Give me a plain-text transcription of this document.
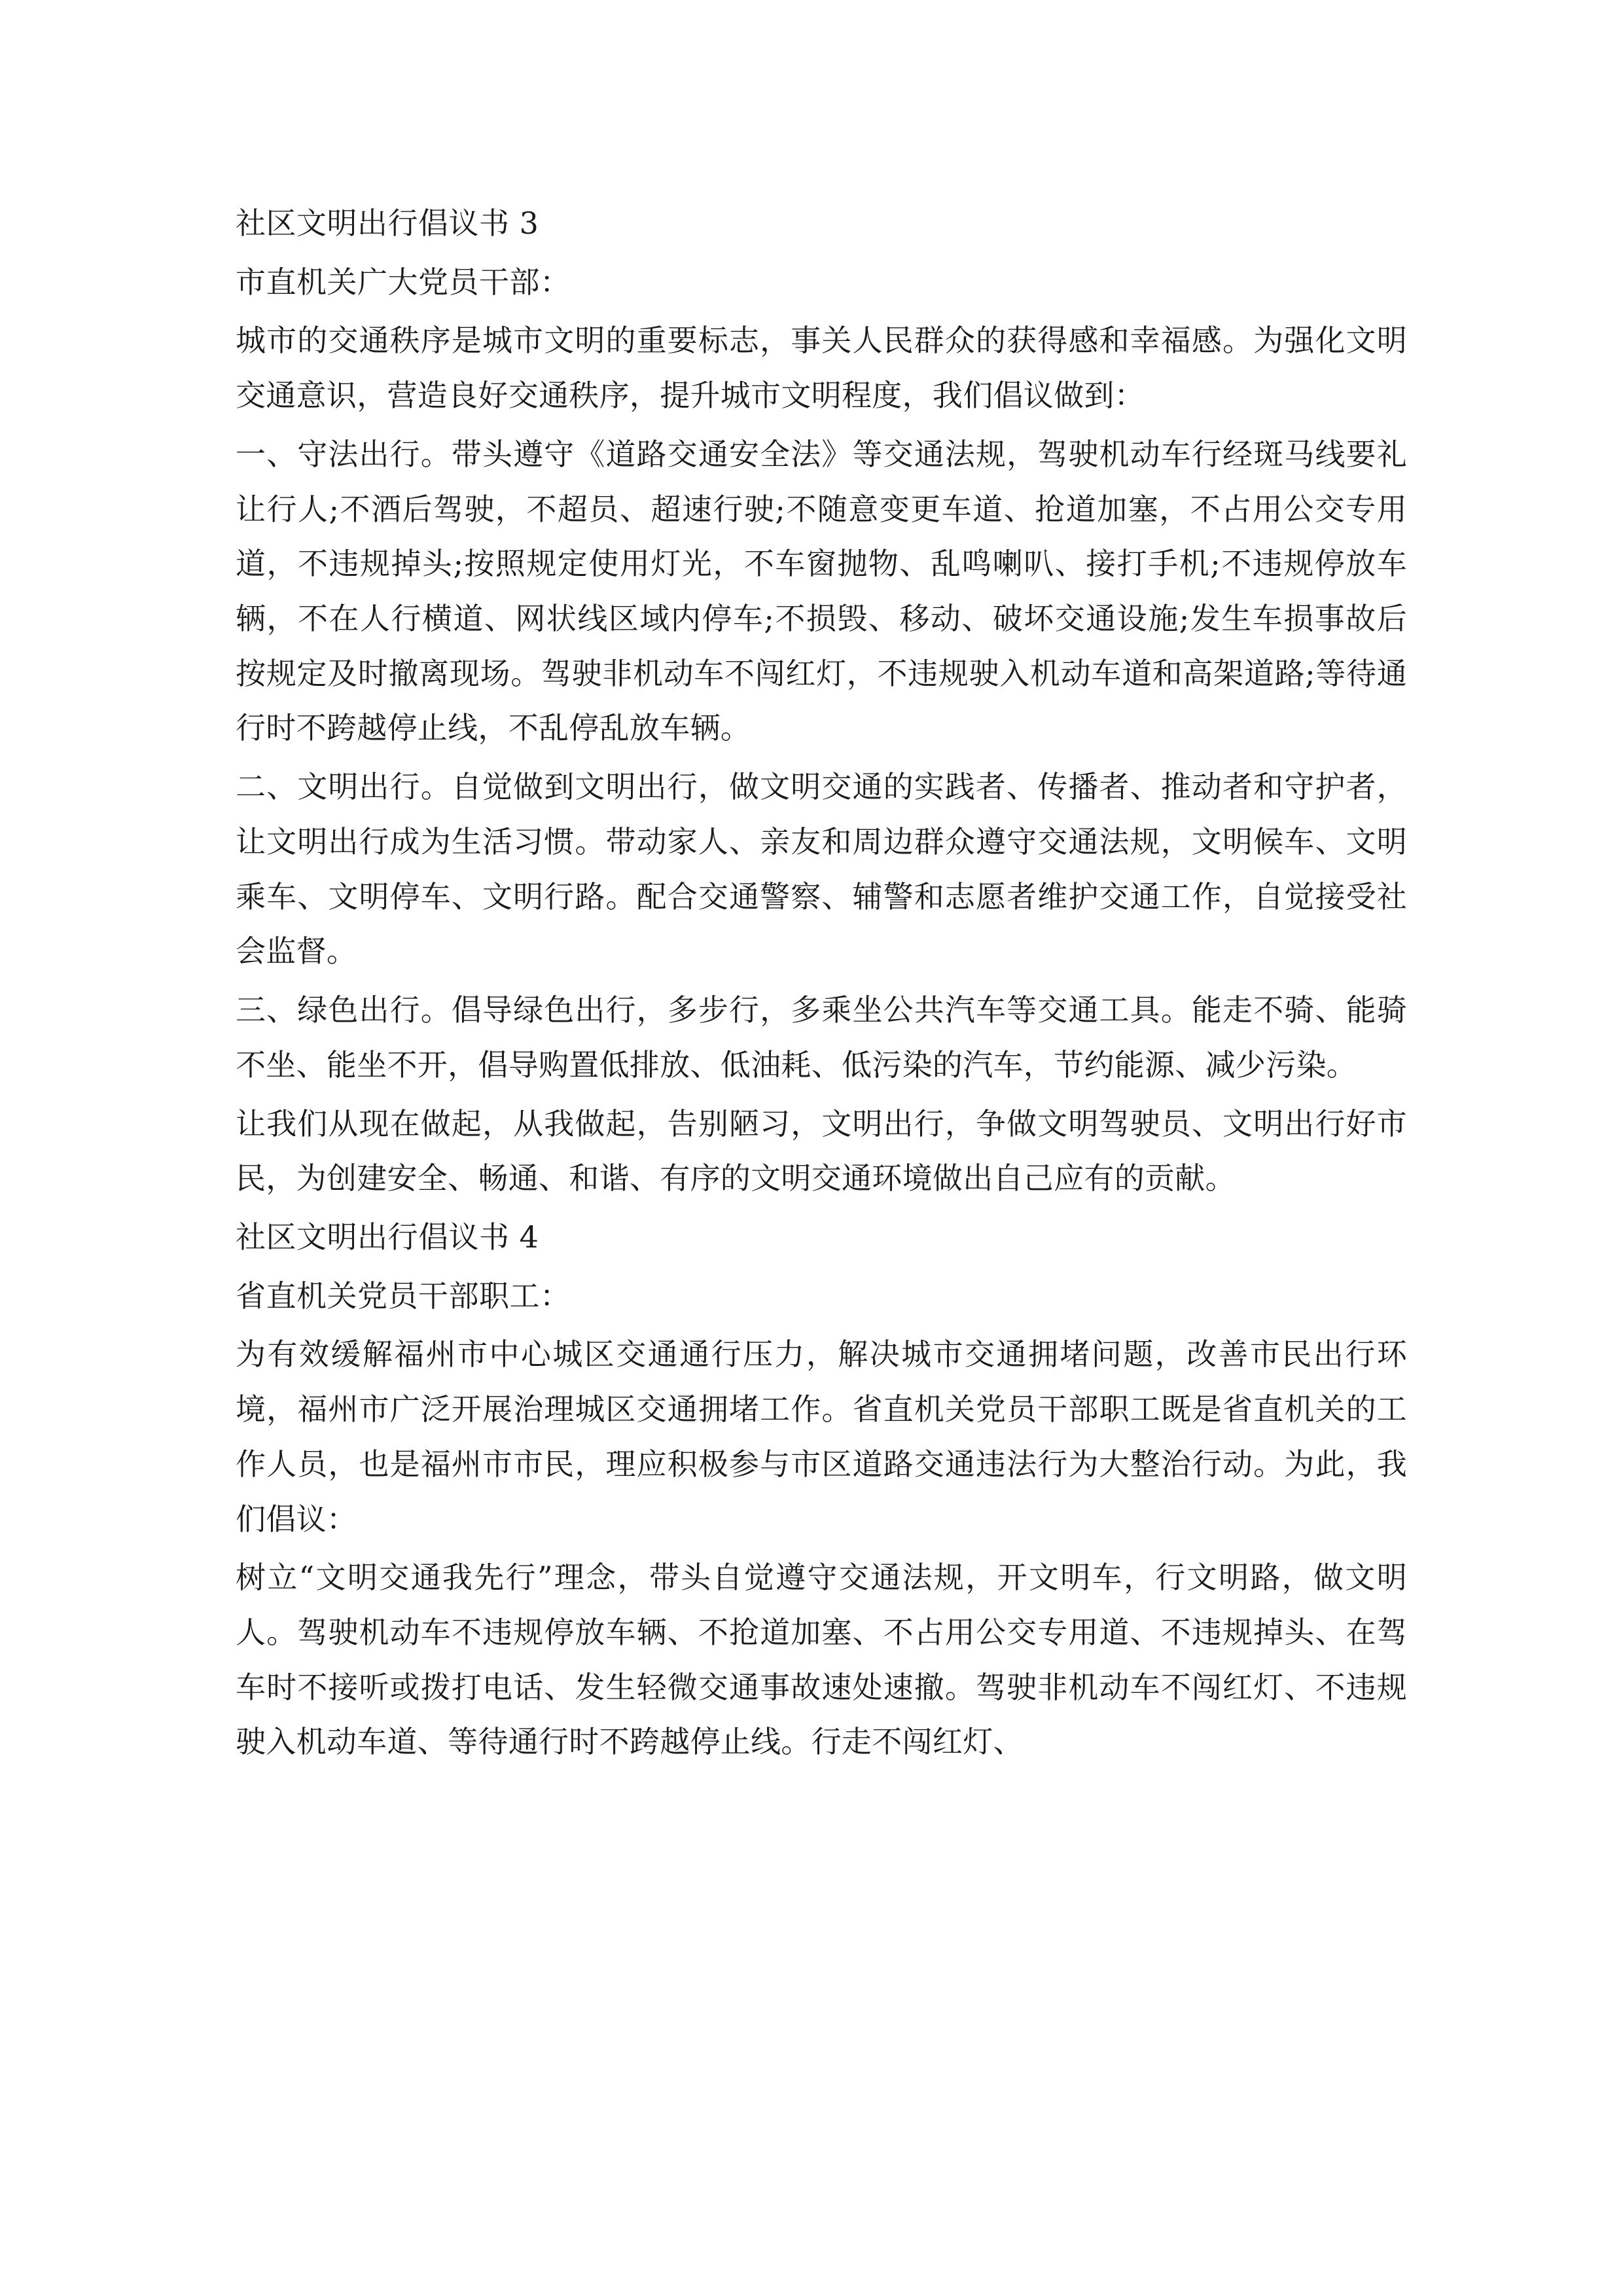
社区文明出行倡议书 3

市直机关广大党员干部：

城市的交通秩序是城市文明的重要标志，事关人民群众的获得感和幸福感。为强化文明交通意识，营造良好交通秩序，提升城市文明程度，我们倡议做到：

一、守法出行。带头遵守《道路交通安全法》等交通法规，驾驶机动车行经斑马线要礼让行人;不酒后驾驶，不超员、超速行驶;不随意变更车道、抢道加塞，不占用公交专用道，不违规掉头;按照规定使用灯光，不车窗抛物、乱鸣喇叭、接打手机;不违规停放车辆，不在人行横道、网状线区域内停车;不损毁、移动、破坏交通设施;发生车损事故后按规定及时撤离现场。驾驶非机动车不闯红灯，不违规驶入机动车道和高架道路;等待通行时不跨越停止线，不乱停乱放车辆。

二、文明出行。自觉做到文明出行，做文明交通的实践者、传播者、推动者和守护者，让文明出行成为生活习惯。带动家人、亲友和周边群众遵守交通法规，文明候车、文明乘车、文明停车、文明行路。配合交通警察、辅警和志愿者维护交通工作，自觉接受社会监督。

三、绿色出行。倡导绿色出行，多步行，多乘坐公共汽车等交通工具。能走不骑、能骑不坐、能坐不开，倡导购置低排放、低油耗、低污染的汽车，节约能源、减少污染。

让我们从现在做起，从我做起，告别陋习，文明出行，争做文明驾驶员、文明出行好市民，为创建安全、畅通、和谐、有序的文明交通环境做出自己应有的贡献。

社区文明出行倡议书 4

省直机关党员干部职工：

为有效缓解福州市中心城区交通通行压力，解决城市交通拥堵问题，改善市民出行环境，福州市广泛开展治理城区交通拥堵工作。省直机关党员干部职工既是省直机关的工作人员，也是福州市市民，理应积极参与市区道路交通违法行为大整治行动。为此，我们倡议：

树立“文明交通我先行”理念，带头自觉遵守交通法规，开文明车，行文明路，做文明人。驾驶机动车不违规停放车辆、不抢道加塞、不占用公交专用道、不违规掉头、在驾车时不接听或拨打电话、发生轻微交通事故速处速撤。驾驶非机动车不闯红灯、不违规驶入机动车道、等待通行时不跨越停止线。行走不闯红灯、
